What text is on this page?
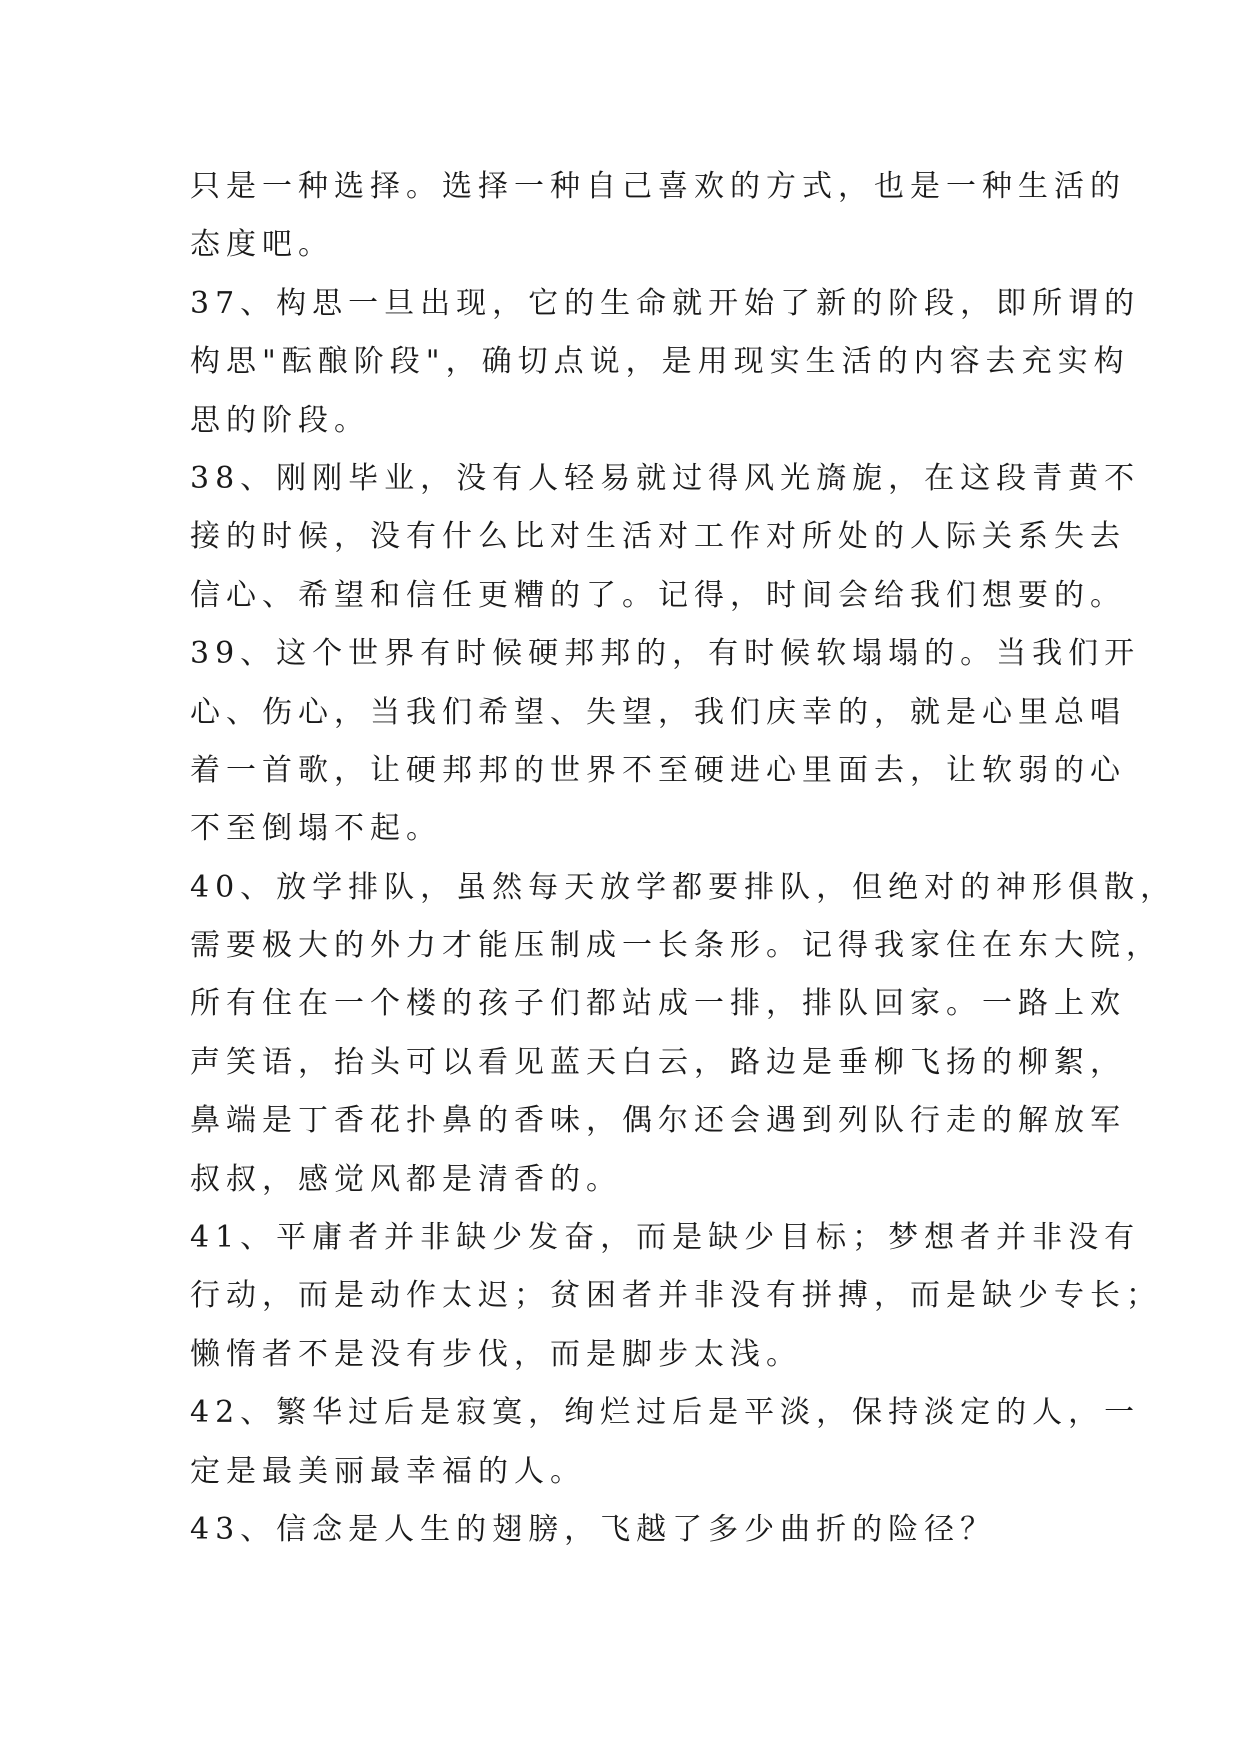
只是一种选择。选择一种自己喜欢的方式，也是一种生活的
态度吧。
37、构思一旦出现，它的生命就开始了新的阶段，即所谓的
构思"酝酿阶段"，确切点说，是用现实生活的内容去充实构
思的阶段。
38、刚刚毕业，没有人轻易就过得风光旖旎，在这段青黄不
接的时候，没有什么比对生活对工作对所处的人际关系失去
信心、希望和信任更糟的了。记得，时间会给我们想要的。
39、这个世界有时候硬邦邦的，有时候软塌塌的。当我们开
心、伤心，当我们希望、失望，我们庆幸的，就是心里总唱
着一首歌，让硬邦邦的世界不至硬进心里面去，让软弱的心
不至倒塌不起。
40、放学排队，虽然每天放学都要排队，但绝对的神形俱散，
需要极大的外力才能压制成一长条形。记得我家住在东大院，
所有住在一个楼的孩子们都站成一排，排队回家。一路上欢
声笑语，抬头可以看见蓝天白云，路边是垂柳飞扬的柳絮，
鼻端是丁香花扑鼻的香味，偶尔还会遇到列队行走的解放军
叔叔，感觉风都是清香的。
41、平庸者并非缺少发奋，而是缺少目标；梦想者并非没有
行动，而是动作太迟；贫困者并非没有拼搏，而是缺少专长；
懒惰者不是没有步伐，而是脚步太浅。
42、繁华过后是寂寞，绚烂过后是平淡，保持淡定的人，一
定是最美丽最幸福的人。
43、信念是人生的翅膀，飞越了多少曲折的险径？
